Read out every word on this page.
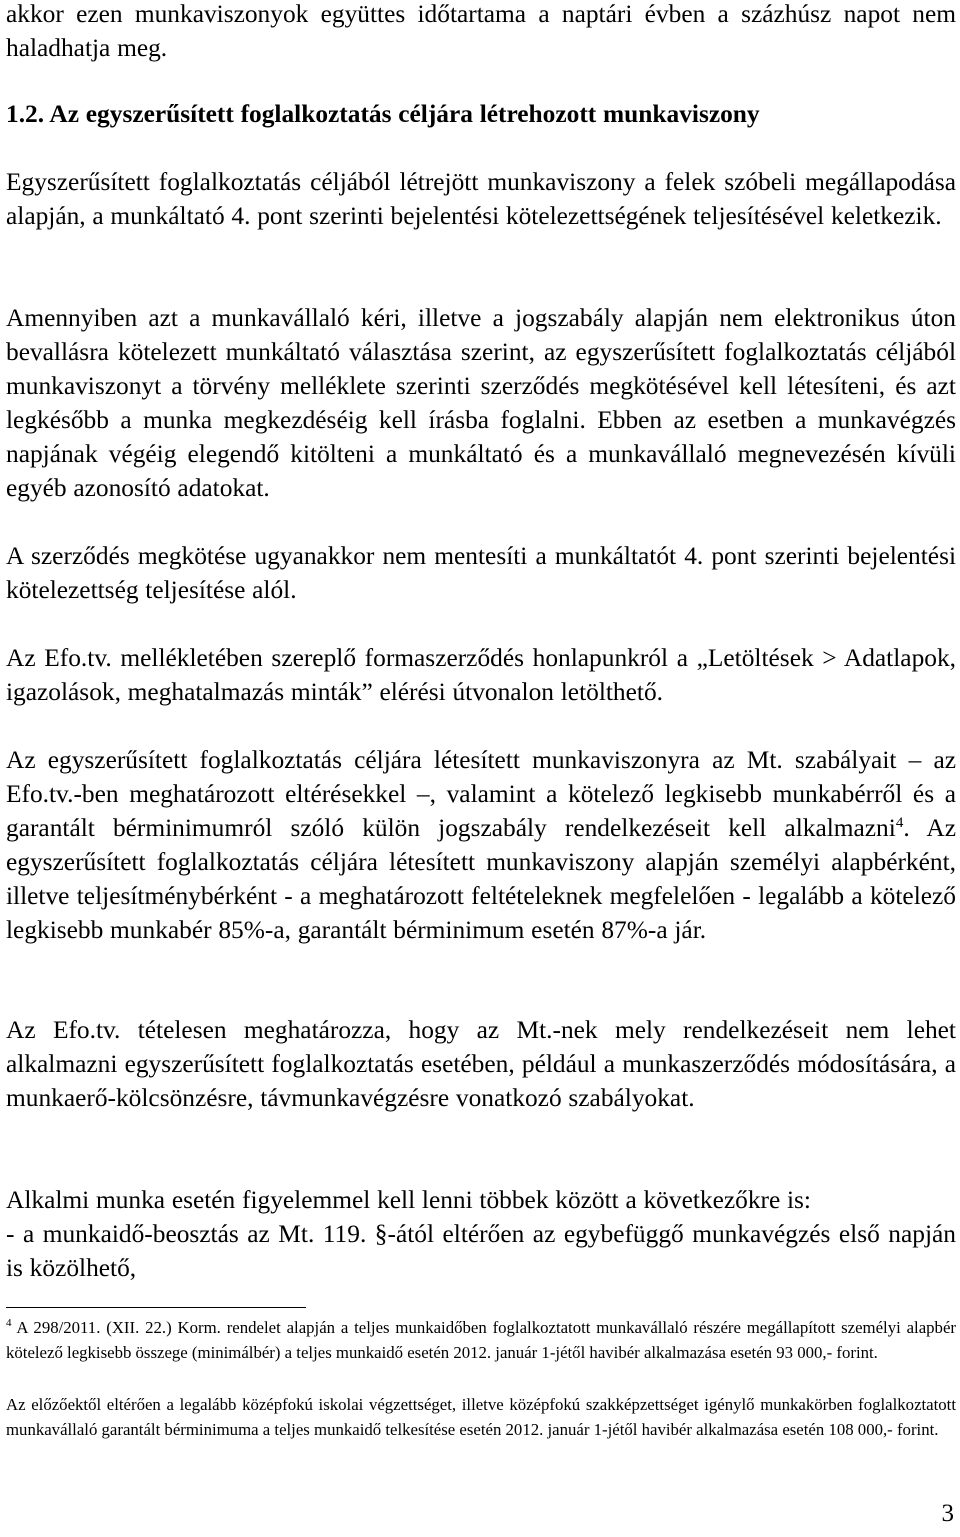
akkor ezen munkaviszonyok együttes időtartama a naptári évben a százhúsz napot nem haladhatja meg.

1.2. Az egyszerűsített foglalkoztatás céljára létrehozott munkaviszony

Egyszerűsített foglalkoztatás céljából létrejött munkaviszony a felek szóbeli megállapodása alapján, a munkáltató 4. pont szerinti bejelentési kötelezettségének teljesítésével keletkezik.

Amennyiben azt a munkavállaló kéri, illetve a jogszabály alapján nem elektronikus úton bevallásra kötelezett munkáltató választása szerint, az egyszerűsített foglalkoztatás céljából munkaviszonyt a törvény melléklete szerinti szerződés megkötésével kell létesíteni, és azt legkésőbb a munka megkezdéséig kell írásba foglalni. Ebben az esetben a munkavégzés napjának végéig elegendő kitölteni a munkáltató és a munkavállaló megnevezésén kívüli egyéb azonosító adatokat.

A szerződés megkötése ugyanakkor nem mentesíti a munkáltatót 4. pont szerinti bejelentési kötelezettség teljesítése alól.

Az Efo.tv. mellékletében szereplő formaszerződés honlapunkról a „Letöltések > Adatlapok, igazolások, meghatalmazás minták” elérési útvonalon letölthető.

Az egyszerűsített foglalkoztatás céljára létesített munkaviszonyra az Mt. szabályait – az Efo.tv.-ben meghatározott eltérésekkel –, valamint a kötelező legkisebb munkabérről és a garantált bérminimumról szóló külön jogszabály rendelkezéseit kell alkalmazni$^4$. Az egyszerűsített foglalkoztatás céljára létesített munkaviszony alapján személyi alapbérként, illetve teljesítménybérként - a meghatározott feltételeknek megfelelően - legalább a kötelező legkisebb munkabér 85%-a, garantált bérminimum esetén 87%-a jár.

Az Efo.tv. tételesen meghatározza, hogy az Mt.-nek mely rendelkezéseit nem lehet alkalmazni egyszerűsített foglalkoztatás esetében, például a munkaszerződés módosítására, a munkaerő-kölcsönzésre, távmunkavégzésre vonatkozó szabályokat.

Alkalmi munka esetén figyelemmel kell lenni többek között a következőkre is:

- a munkaidő-beosztás az Mt. 119. §-ától eltérően az egybefüggő munkavégzés első napján is közölhető,

$^4$ A 298/2011. (XII. 22.) Korm. rendelet alapján a teljes munkaidőben foglalkoztatott munkavállaló részére megállapított személyi alapbér kötelező legkisebb összege (minimálbér) a teljes munkaidő esetén 2012. január 1-jétől havibér alkalmazása esetén 93 000,- forint.
Az előzőektől eltérően a legalább középfokú iskolai végzettséget, illetve középfokú szakképzettséget igénylő munkakörben foglalkoztatott munkavállaló garantált bérminimuma a teljes munkaidő telkesítése esetén 2012. január 1-jétől havibér alkalmazása esetén 108 000,- forint.
3
